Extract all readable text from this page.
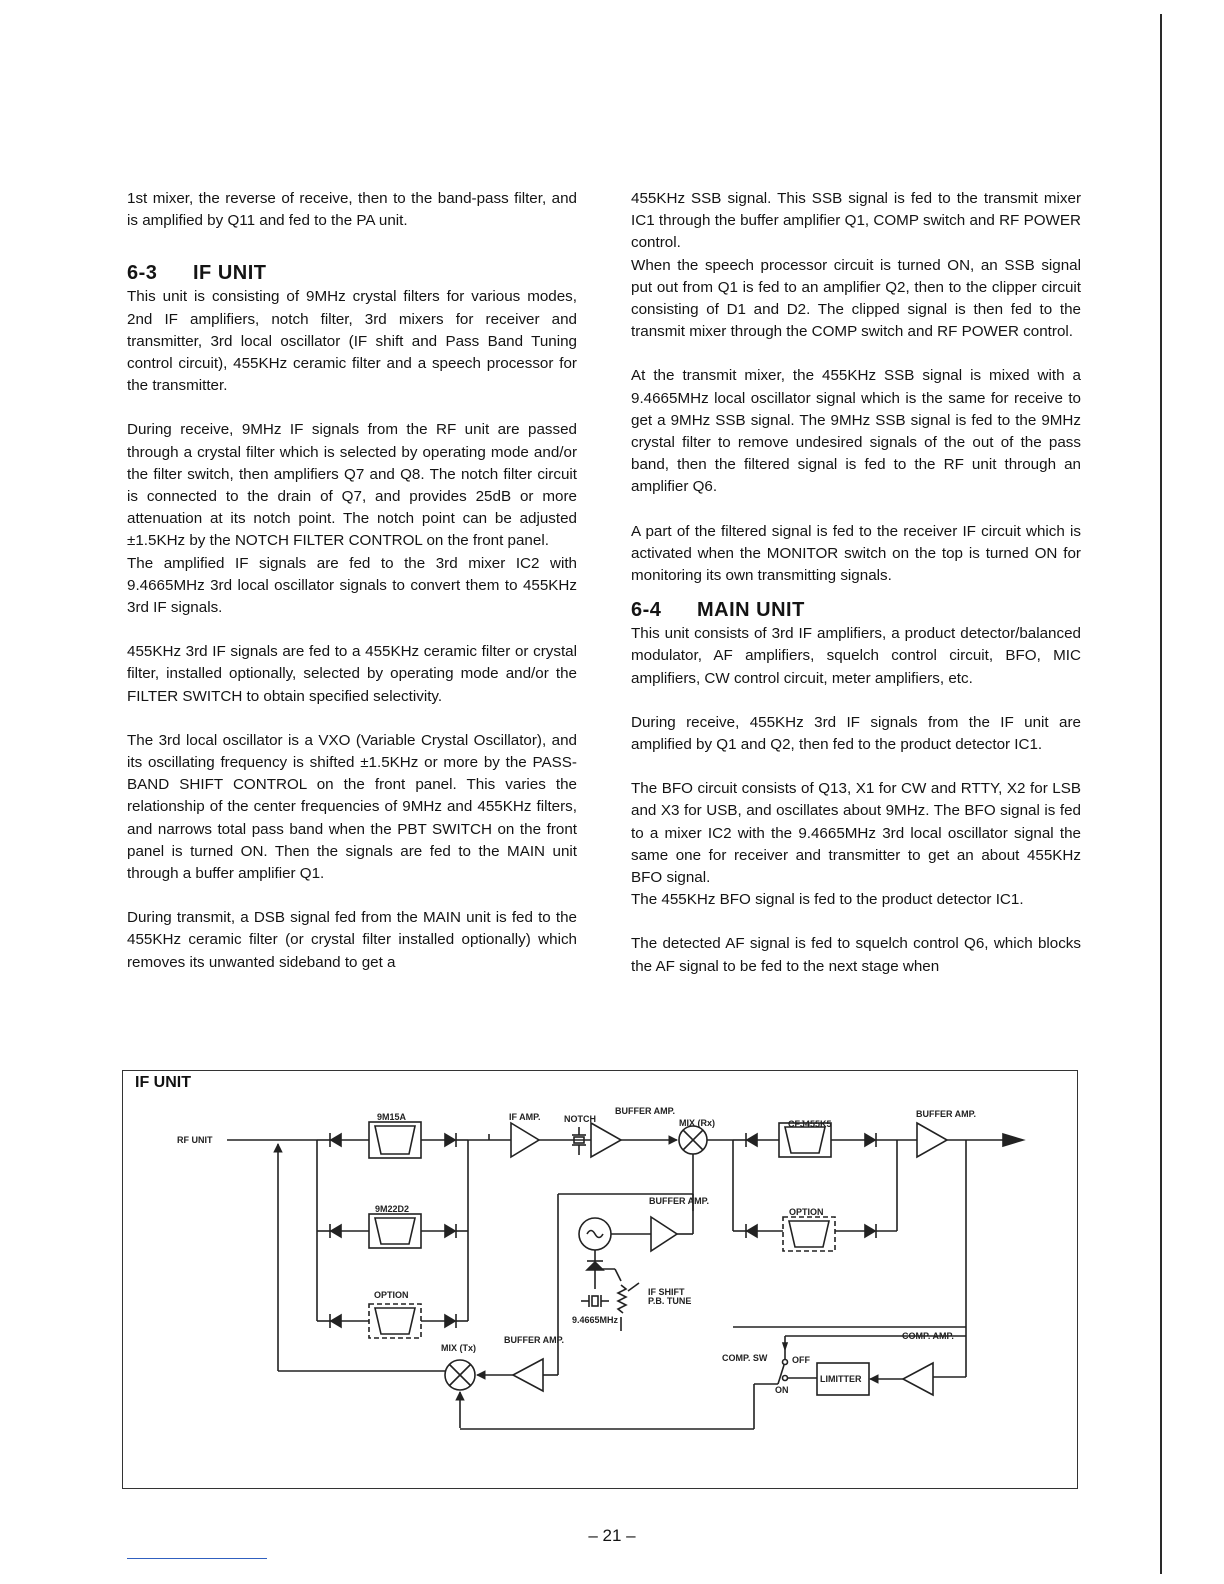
1st mixer, the reverse of receive, then to the band-pass filter, and is amplified by Q11 and fed to the PA unit.

6-3 IF UNIT

This unit is consisting of 9MHz crystal filters for various modes, 2nd IF amplifiers, notch filter, 3rd mixers for receiver and transmitter, 3rd local oscillator (IF shift and Pass Band Tuning control circuit), 455KHz ceramic filter and a speech processor for the transmitter.

During receive, 9MHz IF signals from the RF unit are passed through a crystal filter which is selected by operating mode and/or the filter switch, then amplifiers Q7 and Q8. The notch filter circuit is connected to the drain of Q7, and provides 25dB or more attenuation at its notch point. The notch point can be adjusted ±1.5KHz by the NOTCH FILTER CONTROL on the front panel.

The amplified IF signals are fed to the 3rd mixer IC2 with 9.4665MHz 3rd local oscillator signals to convert them to 455KHz 3rd IF signals.

455KHz 3rd IF signals are fed to a 455KHz ceramic filter or crystal filter, installed optionally, selected by operating mode and/or the FILTER SWITCH to obtain specified selectivity.

The 3rd local oscillator is a VXO (Variable Crystal Oscillator), and its oscillating frequency is shifted ±1.5KHz or more by the PASS-BAND SHIFT CONTROL on the front panel. This varies the relationship of the center frequencies of 9MHz and 455KHz filters, and narrows total pass band when the PBT SWITCH on the front panel is turned ON. Then the signals are fed to the MAIN unit through a buffer amplifier Q1.

During transmit, a DSB signal fed from the MAIN unit is fed to the 455KHz ceramic filter (or crystal filter installed optionally) which removes its unwanted sideband to get a

455KHz SSB signal. This SSB signal is fed to the transmit mixer IC1 through the buffer amplifier Q1, COMP switch and RF POWER control.

When the speech processor circuit is turned ON, an SSB signal put out from Q1 is fed to an amplifier Q2, then to the clipper circuit consisting of D1 and D2. The clipped signal is then fed to the transmit mixer through the COMP switch and RF POWER control.

At the transmit mixer, the 455KHz SSB signal is mixed with a 9.4665MHz local oscillator signal which is the same for receive to get a 9MHz SSB signal. The 9MHz SSB signal is fed to the 9MHz crystal filter to remove undesired signals of the out of the pass band, then the filtered signal is fed to the RF unit through an amplifier Q6.

A part of the filtered signal is fed to the receiver IF circuit which is activated when the MONITOR switch on the top is turned ON for monitoring its own transmitting signals.

6-4 MAIN UNIT

This unit consists of 3rd IF amplifiers, a product detector/balanced modulator, AF amplifiers, squelch control circuit, BFO, MIC amplifiers, CW control circuit, meter amplifiers, etc.

During receive, 455KHz 3rd IF signals from the IF unit are amplified by Q1 and Q2, then fed to the product detector IC1.

The BFO circuit consists of Q13, X1 for CW and RTTY, X2 for LSB and X3 for USB, and oscillates about 9MHz. The BFO signal is fed to a mixer IC2 with the 9.4665MHz 3rd local oscillator signal the same one for receiver and transmitter to get an about 455KHz BFO signal.

The 455KHz BFO signal is fed to the product detector IC1.

The detected AF signal is fed to squelch control Q6, which blocks the AF signal to be fed to the next stage when

IF UNIT
RF UNIT
9M15A
9M22D2
OPTION
IF AMP.	NOTCH
BUFFER AMP.
MIX (Rx)	CFJ455K5
OPTION
BUFFER AMP.
BUFFER AMP.
IF SHIFT
P.B. TUNE
9.4665MHz
MIX (Tx)
BUFFER AMP.
COMP. SW	OFF
ON
LIMITTER
COMP. AMP.
– 21 –
